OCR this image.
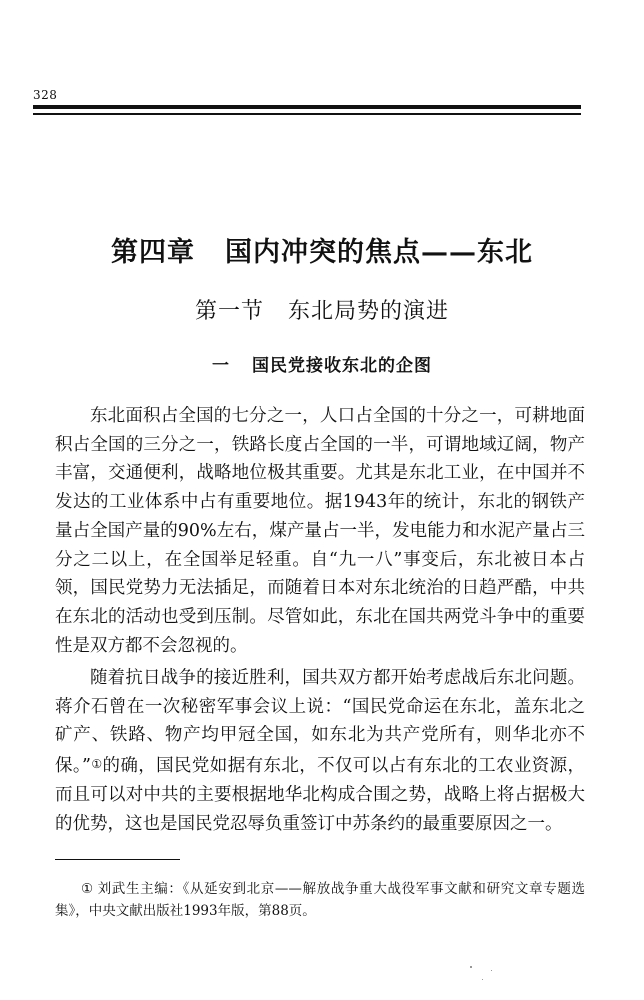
328
第四章 国内冲突的焦点——东北
第一节 东北局势的演进
一 国民党接收东北的企图

东北面积占全国的七分之一，人口占全国的十分之一，可耕地面积占全国的三分之一，铁路长度占全国的一半，可谓地域辽阔，物产丰富，交通便利，战略地位极其重要。尤其是东北工业，在中国并不发达的工业体系中占有重要地位。据1943年的统计，东北的钢铁产量占全国产量的90%左右，煤产量占一半，发电能力和水泥产量占三分之二以上，在全国举足轻重。自“九一八”事变后，东北被日本占领，国民党势力无法插足，而随着日本对东北统治的日趋严酷，中共在东北的活动也受到压制。尽管如此，东北在国共两党斗争中的重要性是双方都不会忽视的。

随着抗日战争的接近胜利，国共双方都开始考虑战后东北问题。蒋介石曾在一次秘密军事会议上说：“国民党命运在东北，盖东北之矿产、铁路、物产均甲冠全国，如东北为共产党所有，则华北亦不保。”①的确，国民党如据有东北，不仅可以占有东北的工农业资源，而且可以对中共的主要根据地华北构成合围之势，战略上将占据极大的优势，这也是国民党忍辱负重签订中苏条约的最重要原因之一。

① 刘武生主编：《从延安到北京——解放战争重大战役军事文献和研究文章专题选集》，中央文献出版社1993年版，第88页。
